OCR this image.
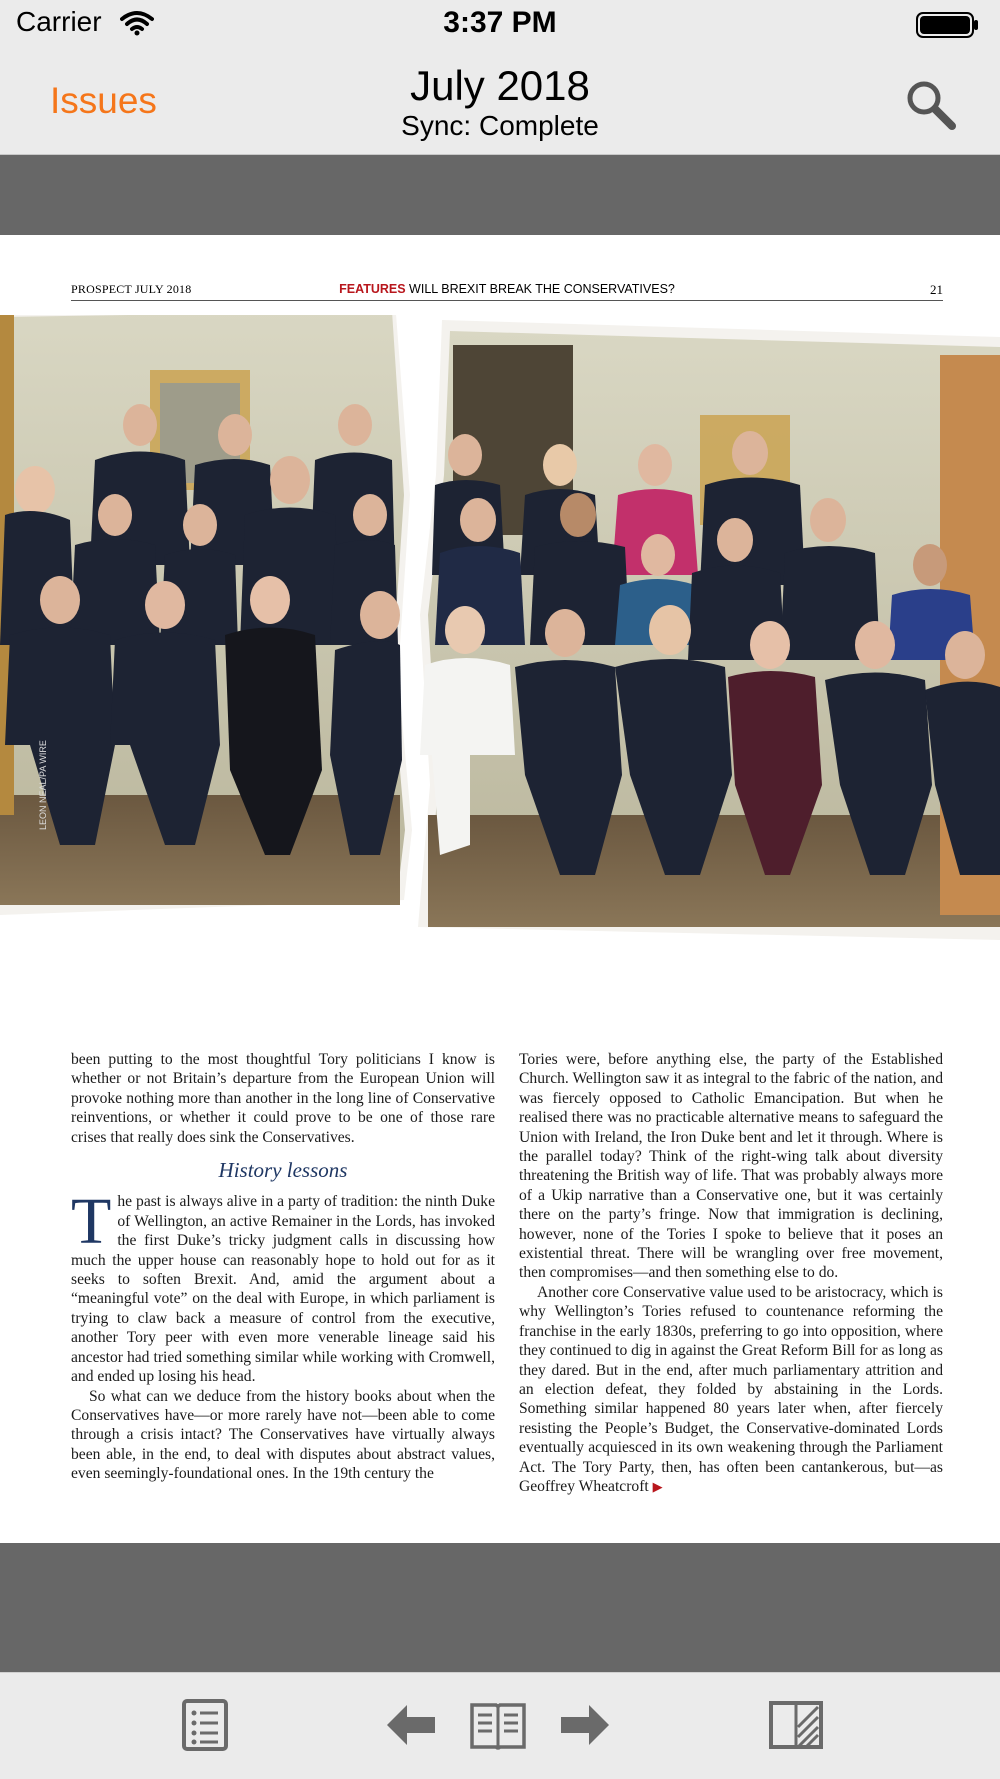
Carrier	3:37 PM
Issues	July 2018
Sync: Complete
PROSPECT JULY 2018	FEATURES WILL BREXIT BREAK THE CONSERVATIVES?	21
LEON NEAL/PA WIRE

been putting to the most thoughtful Tory politicians I know is whether or not Britain’s departure from the European Union will provoke nothing more than another in the long line of Conservative reinventions, or whether it could prove to be one of those rare crises that really does sink the Conservatives.

History lessons

The past is always alive in a party of tradition: the ninth Duke of Wellington, an active Remainer in the Lords, has invoked the first Duke’s tricky judgment calls in discussing how much the upper house can reasonably hope to hold out for as it seeks to soften Brexit. And, amid the argument about a “meaningful vote” on the deal with Europe, in which parliament is trying to claw back a measure of control from the executive, another Tory peer with even more venerable lineage said his ancestor had tried something similar while working with Cromwell, and ended up losing his head.

So what can we deduce from the history books about when the Conservatives have—or more rarely have not—been able to come through a crisis intact? The Conservatives have virtually always been able, in the end, to deal with disputes about abstract values, even seemingly-foundational ones. In the 19th century the

Tories were, before anything else, the party of the Established Church. Wellington saw it as integral to the fabric of the nation, and was fiercely opposed to Catholic Emancipation. But when he realised there was no practicable alternative means to safeguard the Union with Ireland, the Iron Duke bent and let it through. Where is the parallel today? Think of the right-wing talk about diversity threatening the British way of life. That was probably always more of a Ukip narrative than a Conservative one, but it was certainly there on the party’s fringe. Now that immigration is declining, however, none of the Tories I spoke to believe that it poses an existential threat. There will be wrangling over free movement, then compromises—and then something else to do.

Another core Conservative value used to be aristocracy, which is why Wellington’s Tories refused to countenance reforming the franchise in the early 1830s, preferring to go into opposition, where they continued to dig in against the Great Reform Bill for as long as they dared. But in the end, after much parliamentary attrition and an election defeat, they folded by abstaining in the Lords. Something similar happened 80 years later when, after fiercely resisting the People’s Budget, the Conservative-dominated Lords eventually acquiesced in its own weakening through the Parliament Act. The Tory Party, then, has often been cantankerous, but—as Geoffrey Wheatcroft ▶
